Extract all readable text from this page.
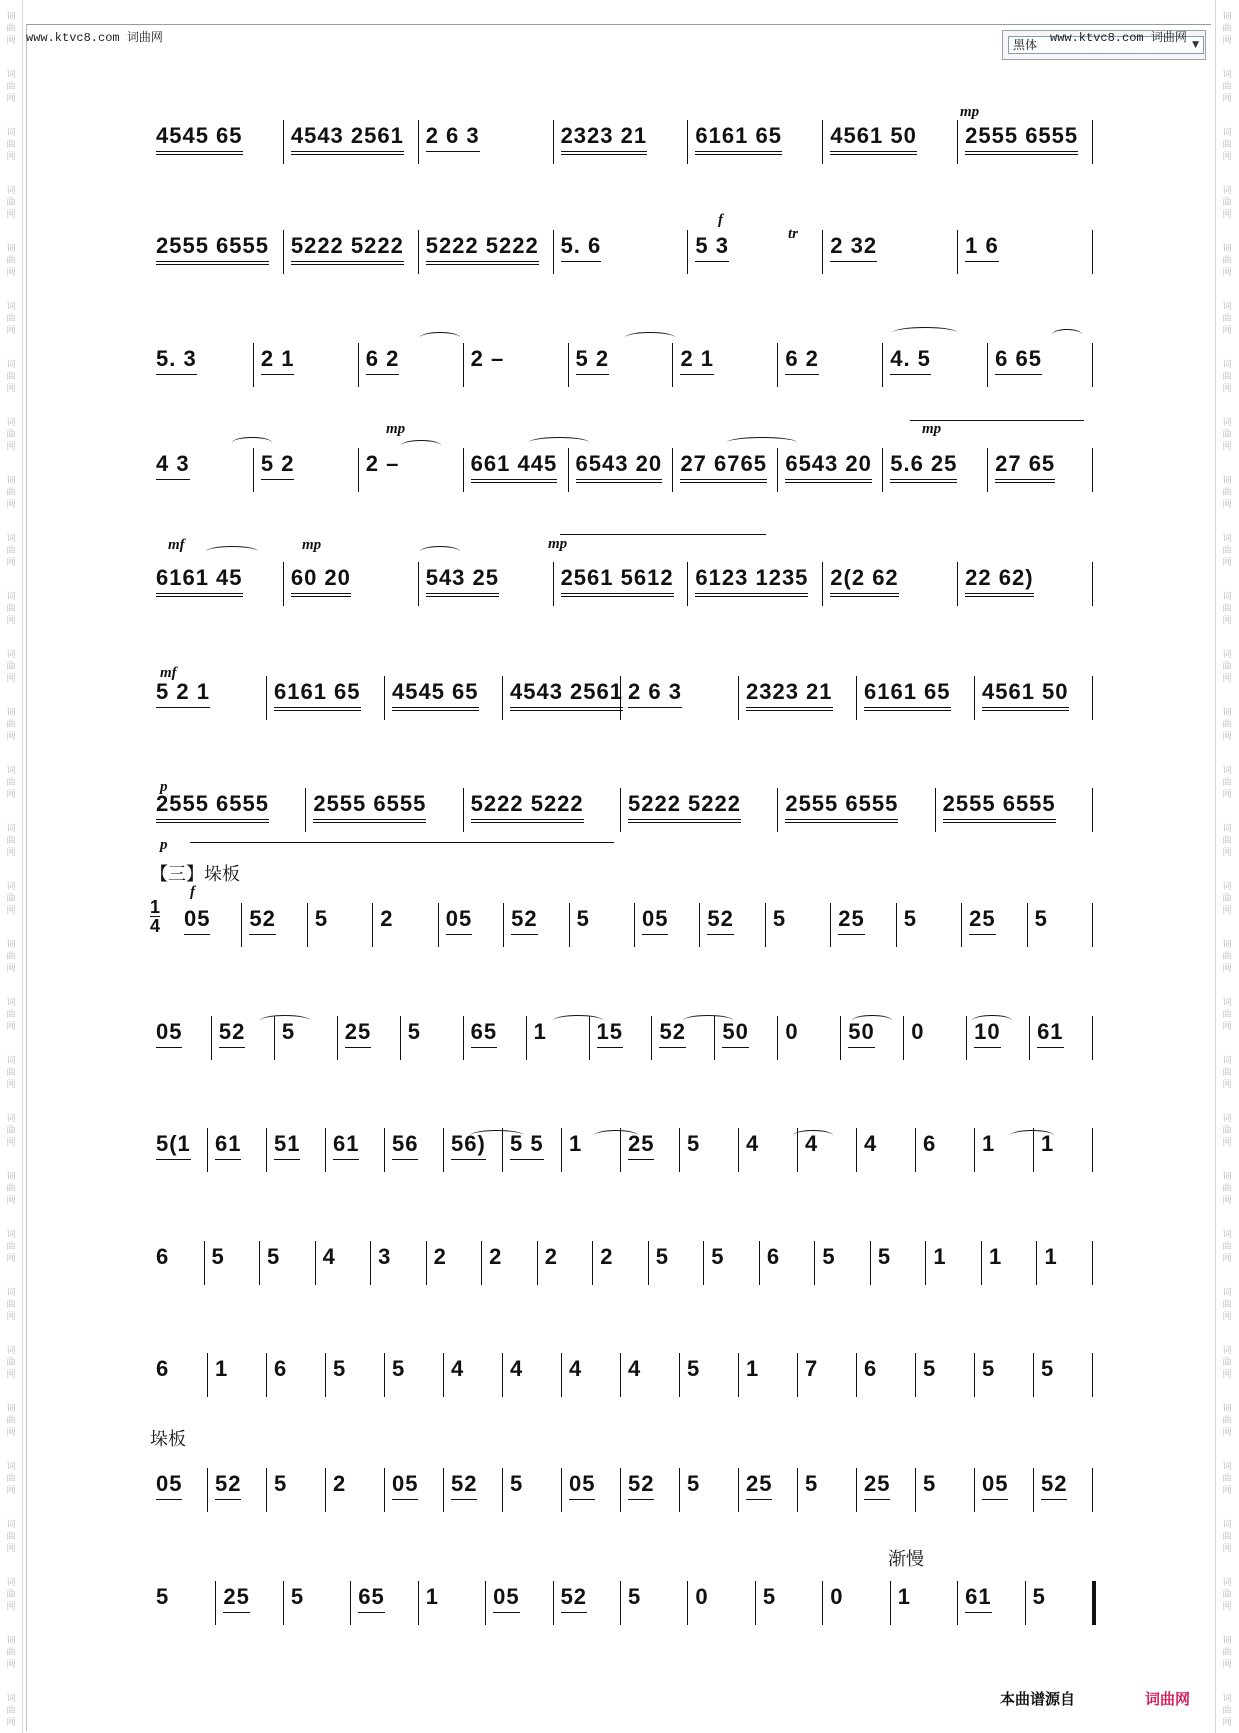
词
曲
网
词
曲
网
词
曲
网
词
曲
网
词
曲
网
词
曲
网
词
曲
网
词
曲
网
词
曲
网
词
曲
网
词
曲
网
词
曲
网
词
曲
网
词
曲
网
词
曲
网
词
曲
网
词
曲
网
词
曲
网
词
曲
网
词
曲
网
词
曲
网
词
曲
网
词
曲
网
词
曲
网
词
曲
网
词
曲
网
词
曲
网
词
曲
网
词
曲
网
词
曲
网
词
曲
网
词
曲
网
词
曲
网
词
曲
网
词
曲
网
词
曲
网
词
曲
网
词
曲
网
词
曲
网
词
曲
网
词
曲
网
词
曲
网
词
曲
网
词
曲
网
词
曲
网
词
曲
网
词
曲
网
词
曲
网
词
曲
网
词
曲
网
词
曲
网
词
曲
网
词
曲
网
词
曲
网
词
曲
网
词
曲
网
词
曲
网
词
曲
网
词
曲
网
词
曲
网
www.ktvc8.com 词曲网	黑体	▼
www.ktvc8.com 词曲网
4545 65 4543 2561 2 6 3	2323 21 6161 65 4561 50 2555 6555
2555 6555 5222 5222 5222 5222 5. 6	5 3	2 32	1 6
5. 3	2 1	6 2	2 –	5 2	2 1	6 2	4. 5	6 65
4 3	5 2	2 –	661 445 6543 20 27 6765 6543 20 5.6 25 27 65
6161 45 60 20	543 25	2561 5612 6123 1235 2(2 62	22 62)
5 2 1	6161 65 4545 65 4543 2561 2 6 3	2323 21 6161 65 4561 50
2555 6555 2555 6555 5222 5222 5222 5222 2555 6555 2555 6555
05 52 5 2 05 52 5 05 52 5 25 5 25 5
05 52 5 25 5 65 1 15 52 50 0 50 0 10 61
5(1 61 51 61 56 56) 5 5 1 25 5 4 4 4 6 1 1
6 5 5 4 3 2 2 2 2 5 5 6 5 5 1 1 1
6 1 6 5 5 4 4 4 4 5 1 7 6 5 5 5
05 52 5 2 05 52 5 05 52 5 25 5 25 5 05 52
5 25 5 65 1 05 52 5 0 5 0 1 61 5
【三】垛板
垛板
渐慢
1
4
本曲谱源自	词曲网
mp
f
tr
mp	mp
mp
mf	mp
mf
p
p
f
